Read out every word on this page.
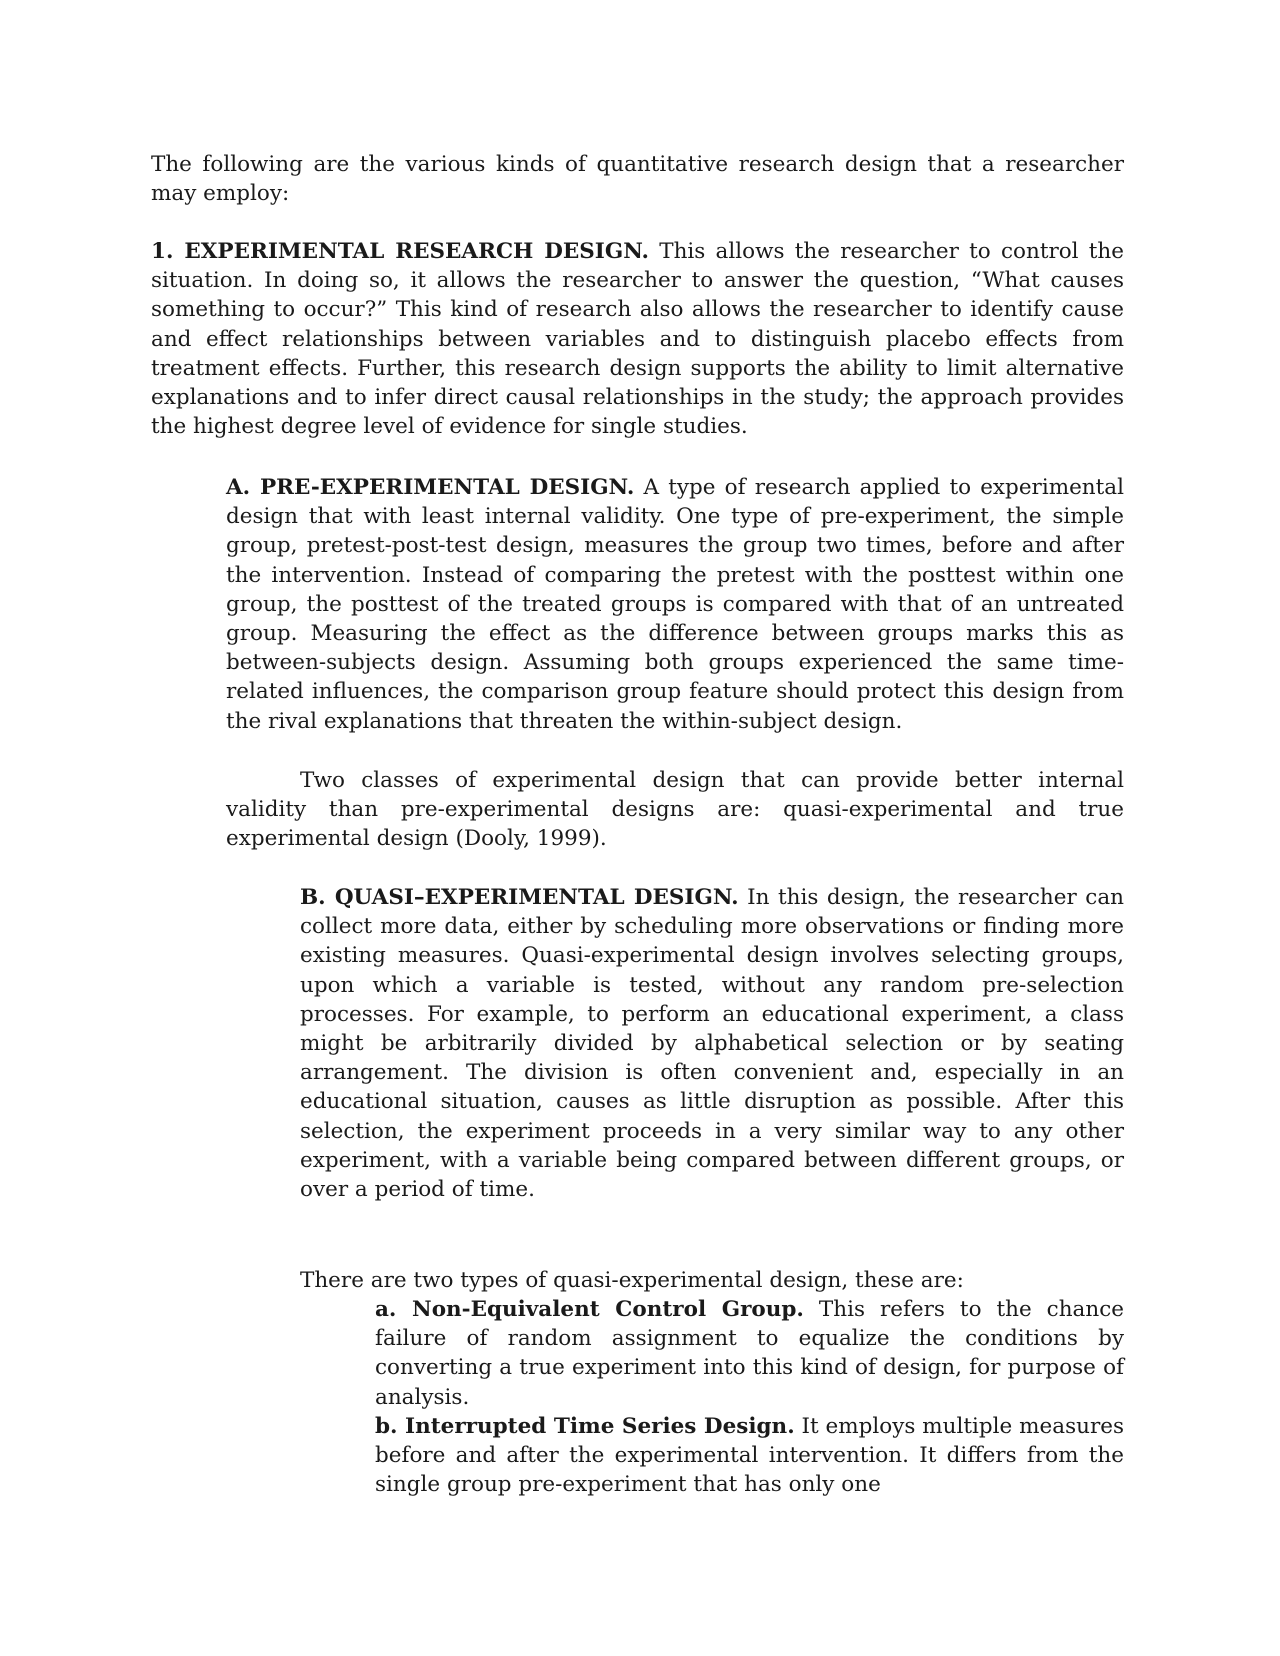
The following are the various kinds of quantitative research design that a researcher may employ:

1. EXPERIMENTAL RESEARCH DESIGN. This allows the researcher to control the situation. In doing so, it allows the researcher to answer the question, “What causes something to occur?” This kind of research also allows the researcher to identify cause and effect relationships between variables and to distinguish placebo effects from treatment effects. Further, this research design supports the ability to limit alternative explanations and to infer direct causal relationships in the study; the approach provides the highest degree level of evidence for single studies.

A. PRE-EXPERIMENTAL DESIGN. A type of research applied to experimental design that with least internal validity. One type of pre-experiment, the simple group, pretest-post-test design, measures the group two times, before and after the intervention. Instead of comparing the pretest with the posttest within one group, the posttest of the treated groups is compared with that of an untreated group. Measuring the effect as the difference between groups marks this as between-subjects design. Assuming both groups experienced the same time-related influences, the comparison group feature should protect this design from the rival explanations that threaten the within-subject design.

Two classes of experimental design that can provide better internal validity than pre-experimental designs are: quasi-experimental and true experimental design (Dooly, 1999).

B. QUASI–EXPERIMENTAL DESIGN. In this design, the researcher can collect more data, either by scheduling more observations or finding more existing measures. Quasi-experimental design involves selecting groups, upon which a variable is tested, without any random pre-selection processes. For example, to perform an educational experiment, a class might be arbitrarily divided by alphabetical selection or by seating arrangement. The division is often convenient and, especially in an educational situation, causes as little disruption as possible. After this selection, the experiment proceeds in a very similar way to any other experiment, with a variable being compared between different groups, or over a period of time.

There are two types of quasi-experimental design, these are:

a. Non-Equivalent Control Group. This refers to the chance failure of random assignment to equalize the conditions by converting a true experiment into this kind of design, for purpose of analysis.

b. Interrupted Time Series Design. It employs multiple measures before and after the experimental intervention. It differs from the single group pre-experiment that has only one
